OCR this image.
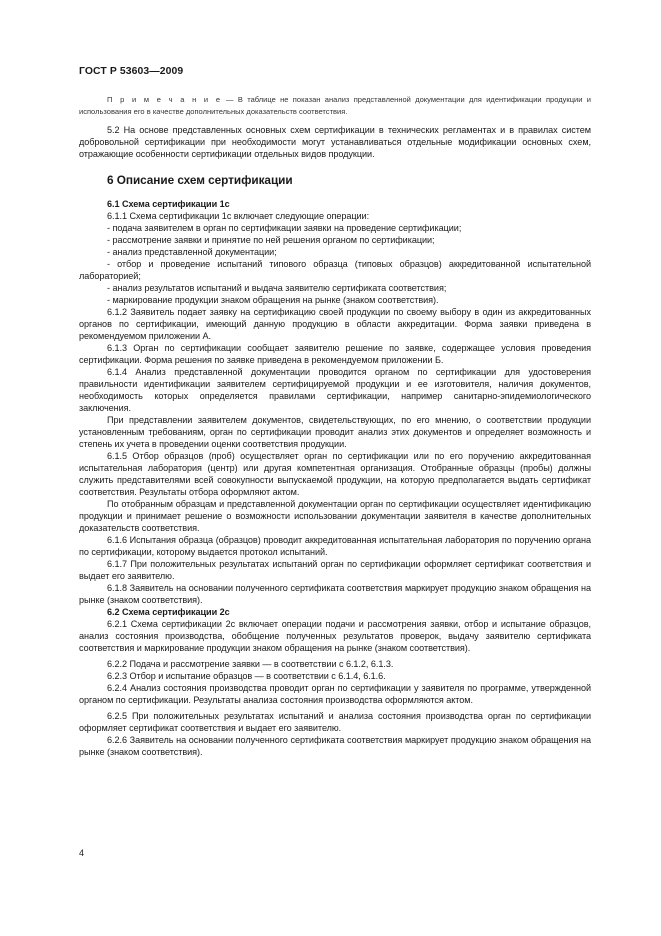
ГОСТ Р 53603—2009

П р и м е ч а н и е — В таблице не показан анализ представленной документации для идентификации продукции и использования его в качестве дополнительных доказательств соответствия.

5.2 На основе представленных основных схем сертификации в технических регламентах и в правилах систем добровольной сертификации при необходимости могут устанавливаться отдельные модификации основных схем, отражающие особенности сертификации отдельных видов продукции.

6 Описание схем сертификации

6.1 Схема сертификации 1с

6.1.1 Схема сертификации 1с включает следующие операции:

- подача заявителем в орган по сертификации заявки на проведение сертификации;

- рассмотрение заявки и принятие по ней решения органом по сертификации;

- анализ представленной документации;

- отбор и проведение испытаний типового образца (типовых образцов) аккредитованной испытательной лабораторией;

- анализ результатов испытаний и выдача заявителю сертификата соответствия;

- маркирование продукции знаком обращения на рынке (знаком соответствия).

6.1.2 Заявитель подает заявку на сертификацию своей продукции по своему выбору в один из аккредитованных органов по сертификации, имеющий данную продукцию в области аккредитации. Форма заявки приведена в рекомендуемом приложении А.

6.1.3 Орган по сертификации сообщает заявителю решение по заявке, содержащее условия проведения сертификации. Форма решения по заявке приведена в рекомендуемом приложении Б.

6.1.4 Анализ представленной документации проводится органом по сертификации для удостоверения правильности идентификации заявителем сертифицируемой продукции и ее изготовителя, наличия документов, необходимость которых определяется правилами сертификации, например санитарно-эпидемиологического заключения.

При представлении заявителем документов, свидетельствующих, по его мнению, о соответствии продукции установленным требованиям, орган по сертификации проводит анализ этих документов и определяет возможность и степень их учета в проведении оценки соответствия продукции.

6.1.5 Отбор образцов (проб) осуществляет орган по сертификации или по его поручению аккредитованная испытательная лаборатория (центр) или другая компетентная организация. Отобранные образцы (пробы) должны служить представителями всей совокупности выпускаемой продукции, на которую предполагается выдать сертификат соответствия. Результаты отбора оформляют актом.

По отобранным образцам и представленной документации орган по сертификации осуществляет идентификацию продукции и принимает решение о возможности использовании документации заявителя в качестве дополнительных доказательств соответствия.

6.1.6 Испытания образца (образцов) проводит аккредитованная испытательная лаборатория по поручению органа по сертификации, которому выдается протокол испытаний.

6.1.7 При положительных результатах испытаний орган по сертификации оформляет сертификат соответствия и выдает его заявителю.

6.1.8 Заявитель на основании полученного сертификата соответствия маркирует продукцию знаком обращения на рынке (знаком соответствия).

6.2 Схема сертификации 2с

6.2.1 Схема сертификации 2с включает операции подачи и рассмотрения заявки, отбор и испытание образцов, анализ состояния производства, обобщение полученных результатов проверок, выдачу заявителю сертификата соответствия и маркирование продукции знаком обращения на рынке (знаком соответствия).

6.2.2 Подача и рассмотрение заявки — в соответствии с 6.1.2, 6.1.3.

6.2.3 Отбор и испытание образцов — в соответствии с 6.1.4, 6.1.6.

6.2.4 Анализ состояния производства проводит орган по сертификации у заявителя по программе, утвержденной органом по сертификации. Результаты анализа состояния производства оформляются актом.

6.2.5 При положительных результатах испытаний и анализа состояния производства орган по сертификации оформляет сертификат соответствия и выдает его заявителю.

6.2.6 Заявитель на основании полученного сертификата соответствия маркирует продукцию знаком обращения на рынке (знаком соответствия).

4
